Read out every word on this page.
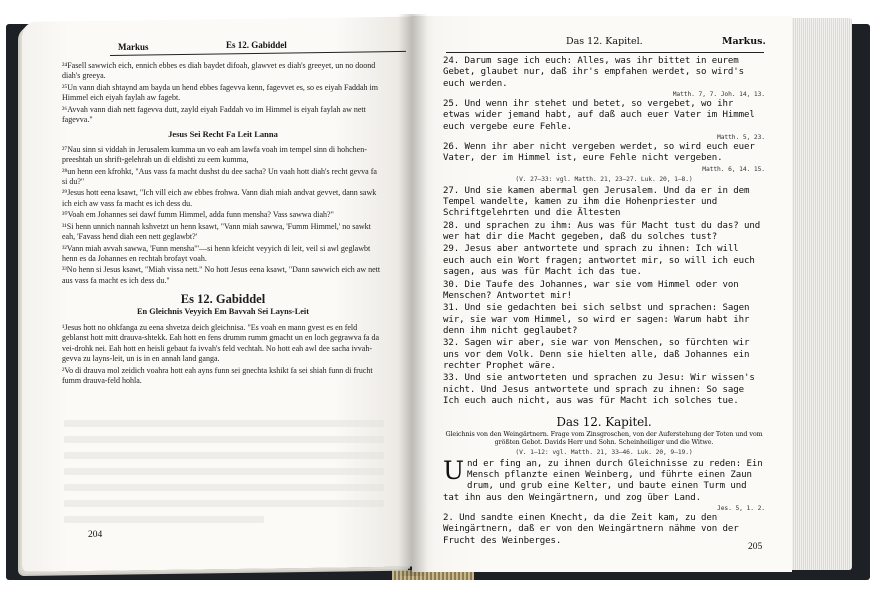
Markus	Es 12. Gabiddel

²⁴Fasell sawwich eich, ennich ebbes es diah baydet difoah, glawvet es diah's greeyet, un no doond diah's greeya.

²⁵Un vann diah shtaynd am bayda un hend ebbes fagevva kenn, fagevvet es, so es eiyah Faddah im Himmel eich eiyah faylah aw fagebt.

²⁶Avvah vann diah nett fagevva dutt, zayld eiyah Faddah vo im Himmel is eiyah faylah aw nett fagevva."

Jesus Sei Recht Fa Leit Lanna

²⁷Nau sinn si viddah in Jerusalem kumma un vo eah am lawfa voah im tempel sinn di hohchen-preeshtah un shrift-gelehrah un di eldishti zu eem kumma,

²⁸un henn een kfrohkt, "Aus vass fa macht dushst du dee sacha? Un vaah hott diah's recht gevva fa si du?"

²⁹Jesus hott eena ksawt, "Ich vill eich aw ebbes frohwa. Vann diah miah andvat gevvet, dann sawk ich eich aw vass fa macht es ich dess du.

³⁰Voah em Johannes sei dawf fumm Himmel, adda funn mensha? Vass sawwa diah?"

³¹Si henn unnich nannah kshvetzt un henn ksawt, "Vann miah sawwa, 'Fumm Himmel,' no sawkt eah, 'Favass hend diah een nett geglawbt?'

³²Vann miah avvah sawwa, 'Funn mensha'"—si henn kfeicht veyyich di leit, veil si awl geglawbt henn es da Johannes en rechtah brofayt voah.

³³No henn si Jesus ksawt, "Miah vissa nett." No hott Jesus eena ksawt, "Dann sawwich eich aw nett aus vass fa macht es ich dess du."

Es 12. Gabiddel

En Gleichnis Veyyich Em Bavvah Sei Layns-Leit

¹Jesus hott no ohkfanga zu eena shvetza deich gleichnisa. "Es voah en mann gvest es en feld geblanst hott mitt drauva-shtekk. Eah hott en fens drumm rumm gmacht un en loch gegrawva fa da vei-drohk nei. Eah hott en heisli gebaut fa ivvah's feld vechtah. No hott eah awl dee sacha ivvah-gevva zu layns-leit, un is in en annah land ganga.

²Vo di drauva mol zeidich voahra hott eah ayns funn sei gnechta kshikt fa sei shiah funn di frucht fumm drauva-feld hohla.

204
Das 12. Kapitel.	Markus.

24. Darum sage ich euch: Alles, was ihr bittet in eurem Gebet, glaubet nur, daß ihr's empfahen werdet, so wird's euch werden.

Matth. 7, 7. Joh. 14, 13.

25. Und wenn ihr stehet und betet, so vergebet, wo ihr etwas wider jemand habt, auf daß auch euer Vater im Himmel euch vergebe eure Fehle.

Matth. 5, 23.

26. Wenn ihr aber nicht vergeben werdet, so wird euch euer Vater, der im Himmel ist, eure Fehle nicht vergeben.

Matth. 6, 14. 15.

(V. 27—33: vgl. Matth. 21, 23—27. Luk. 20, 1—8.)

27. Und sie kamen abermal gen Jerusalem. Und da er in dem Tempel wandelte, kamen zu ihm die Hohenpriester und Schriftgelehrten und die Ältesten

28. und sprachen zu ihm: Aus was für Macht tust du das? und wer hat dir die Macht gegeben, daß du solches tust?

29. Jesus aber antwortete und sprach zu ihnen: Ich will euch auch ein Wort fragen; antwortet mir, so will ich euch sagen, aus was für Macht ich das tue.

30. Die Taufe des Johannes, war sie vom Himmel oder von Menschen? Antwortet mir!

31. Und sie gedachten bei sich selbst und sprachen: Sagen wir, sie war vom Himmel, so wird er sagen: Warum habt ihr denn ihm nicht geglaubet?

32. Sagen wir aber, sie war von Menschen, so fürchten wir uns vor dem Volk. Denn sie hielten alle, daß Johannes ein rechter Prophet wäre.

33. Und sie antworteten und sprachen zu Jesu: Wir wissen's nicht. Und Jesus antwortete und sprach zu ihnen: So sage Ich euch auch nicht, aus was für Macht ich solches tue.

Das 12. Kapitel.

Gleichnis von den Weingärtnern. Frage vom Zinsgroschen, von der Auferstehung der Toten und vom größten Gebot. Davids Herr und Sohn. Scheinheiliger und die Witwe.

(V. 1—12: vgl. Matth. 21, 33—46. Luk. 20, 9—19.)

Und er fing an, zu ihnen durch Gleichnisse zu reden: Ein Mensch pflanzte einen Weinberg, und führte einen Zaun drum, und grub eine Kelter, und baute einen Turm und tat ihn aus den Weingärtnern, und zog über Land.

Jes. 5, 1. 2.

2. Und sandte einen Knecht, da die Zeit kam, zu den Weingärtnern, daß er von den Weingärtnern nähme von der Frucht des Weinberges.

205
